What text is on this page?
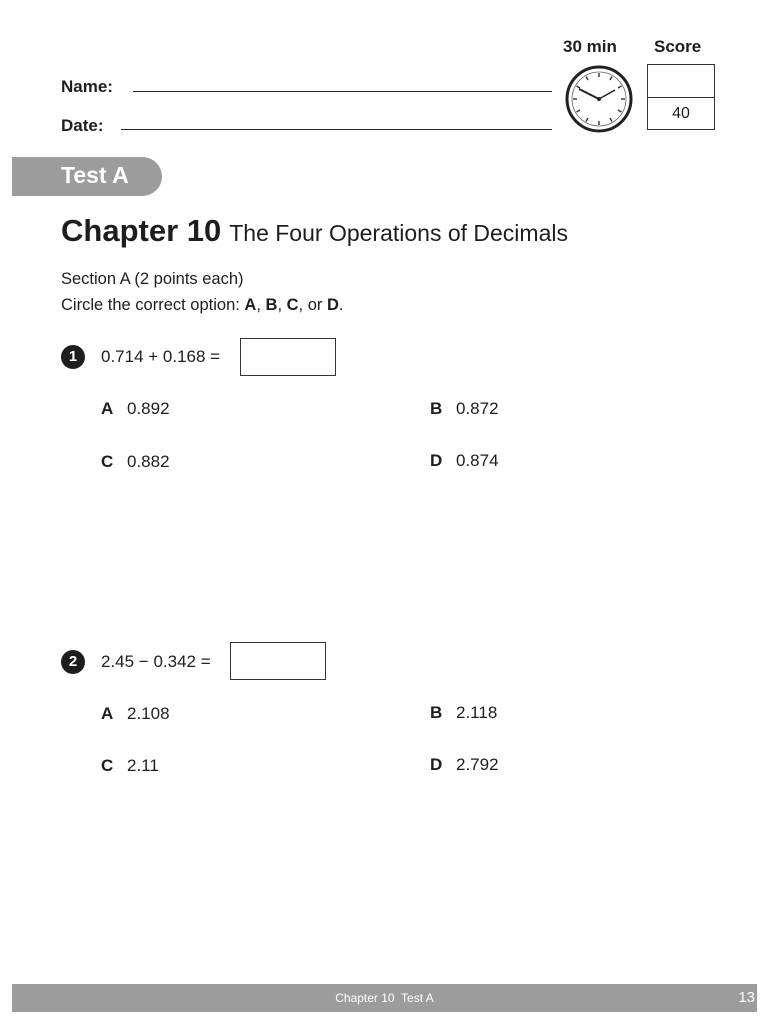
30 min Score
Name:
Date:
40
Test A
Chapter 10 The Four Operations of Decimals
Section A (2 points each)
Circle the correct option: A, B, C, or D.
1	0.714 + 0.168 =
A 0.892	B 0.872
C 0.882	D 0.874
2	2.45 − 0.342 =
A 2.108	B 2.118
C 2.11	D 2.792
Chapter 10  Test A	13
